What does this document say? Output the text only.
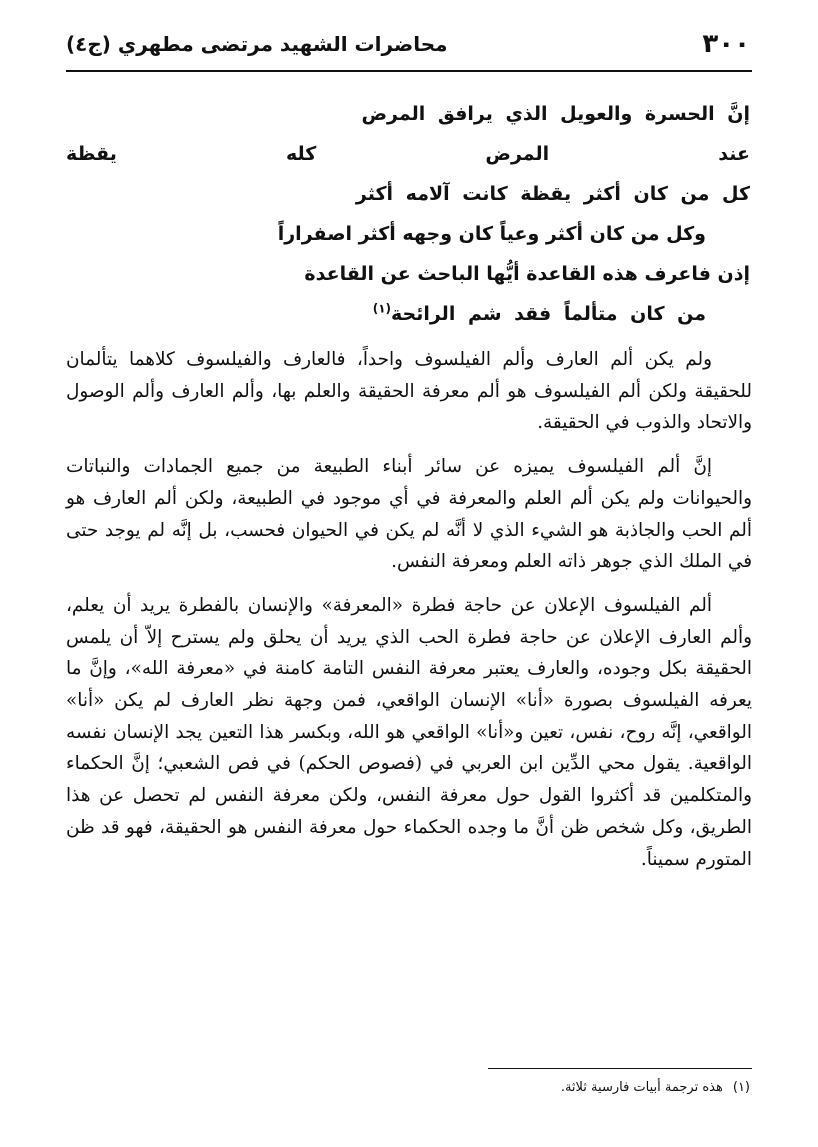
٣٠٠
محاضرات الشهيد مرتضى مطهري (ج٤)
إنَّ الحسرة والعويل الذي يرافق المرض
عند المرض كله يقظة
كل من كان أكثر يقظة كانت آلامه أكثر
وكل من كان أكثر وعياً كان وجهه أكثر اصفراراً
إذن فاعرف هذه القاعدة أيُّها الباحث عن القاعدة
من كان متألماً فقد شم الرائحة$^{(١)}$

ولم يكن ألم العارف وألم الفيلسوف واحداً، فالعارف والفيلسوف كلاهما يتألمان للحقيقة ولكن ألم الفيلسوف هو ألم معرفة الحقيقة والعلم بها، وألم العارف وألم الوصول والاتحاد والذوب في الحقيقة.

إنَّ ألم الفيلسوف يميزه عن سائر أبناء الطبيعة من جميع الجمادات والنباتات والحيوانات ولم يكن ألم العلم والمعرفة في أي موجود في الطبيعة، ولكن ألم العارف هو ألم الحب والجاذبة هو الشيء الذي لا أنَّه لم يكن في الحيوان فحسب، بل إنَّه لم يوجد حتى في الملك الذي جوهر ذاته العلم ومعرفة النفس.

ألم الفيلسوف الإعلان عن حاجة فطرة «المعرفة» والإنسان بالفطرة يريد أن يعلم، وألم العارف الإعلان عن حاجة فطرة الحب الذي يريد أن يحلق ولم يسترح إلاّ أن يلمس الحقيقة بكل وجوده، والعارف يعتبر معرفة النفس التامة كامنة في «معرفة الله»، وإنَّ ما يعرفه الفيلسوف بصورة «أنا» الإنسان الواقعي، فمن وجهة نظر العارف لم يكن «أنا» الواقعي، إنَّه روح، نفس، تعين و«أنا» الواقعي هو الله، وبكسر هذا التعين يجد الإنسان نفسه الواقعية. يقول محي الدِّين ابن العربي في (فصوص الحكم) في فص الشعبي؛ إنَّ الحكماء والمتكلمين قد أكثروا القول حول معرفة النفس، ولكن معرفة النفس لم تحصل عن هذا الطريق، وكل شخص ظن أنَّ ما وجده الحكماء حول معرفة النفس هو الحقيقة، فهو قد ظن المتورم سميناً.

(١)هذه ترجمة أبيات فارسية ثلاثة.
